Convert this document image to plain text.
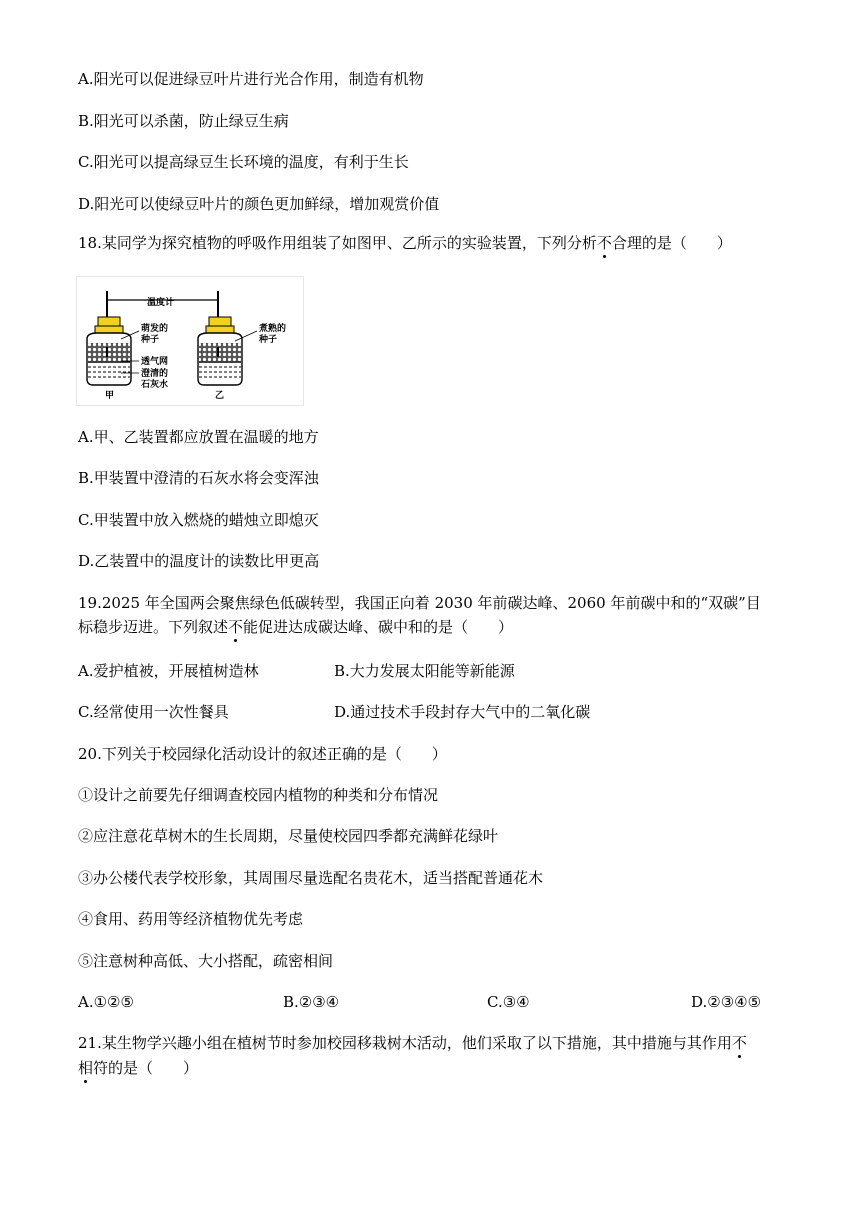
A.阳光可以促进绿豆叶片进行光合作用，制造有机物
B.阳光可以杀菌，防止绿豆生病
C.阳光可以提高绿豆生长环境的温度，有利于生长
D.阳光可以使绿豆叶片的颜色更加鲜绿，增加观赏价值
18.某同学为探究植物的呼吸作用组装了如图甲、乙所示的实验装置，下列分析不合理的是（　　）
温度计
萌发的
种子
煮熟的
种子
透气网
澄清的
石灰水
甲	乙
A.甲、乙装置都应放置在温暖的地方
B.甲装置中澄清的石灰水将会变浑浊
C.甲装置中放入燃烧的蜡烛立即熄灭
D.乙装置中的温度计的读数比甲更高
19.2025 年全国两会聚焦绿色低碳转型，我国正向着 2030 年前碳达峰、2060 年前碳中和的“双碳”目
标稳步迈进。下列叙述不能促进达成碳达峰、碳中和的是（　　）
A.爱护植被，开展植树造林	B.大力发展太阳能等新能源
C.经常使用一次性餐具	D.通过技术手段封存大气中的二氧化碳
20.下列关于校园绿化活动设计的叙述正确的是（　　）
①设计之前要先仔细调查校园内植物的种类和分布情况
②应注意花草树木的生长周期，尽量使校园四季都充满鲜花绿叶
③办公楼代表学校形象，其周围尽量选配名贵花木，适当搭配普通花木
④食用、药用等经济植物优先考虑
⑤注意树种高低、大小搭配，疏密相间
A.①②⑤	B.②③④	C.③④	D.②③④⑤
21.某生物学兴趣小组在植树节时参加校园移栽树木活动，他们采取了以下措施，其中措施与其作用不
相符的是（　　）
